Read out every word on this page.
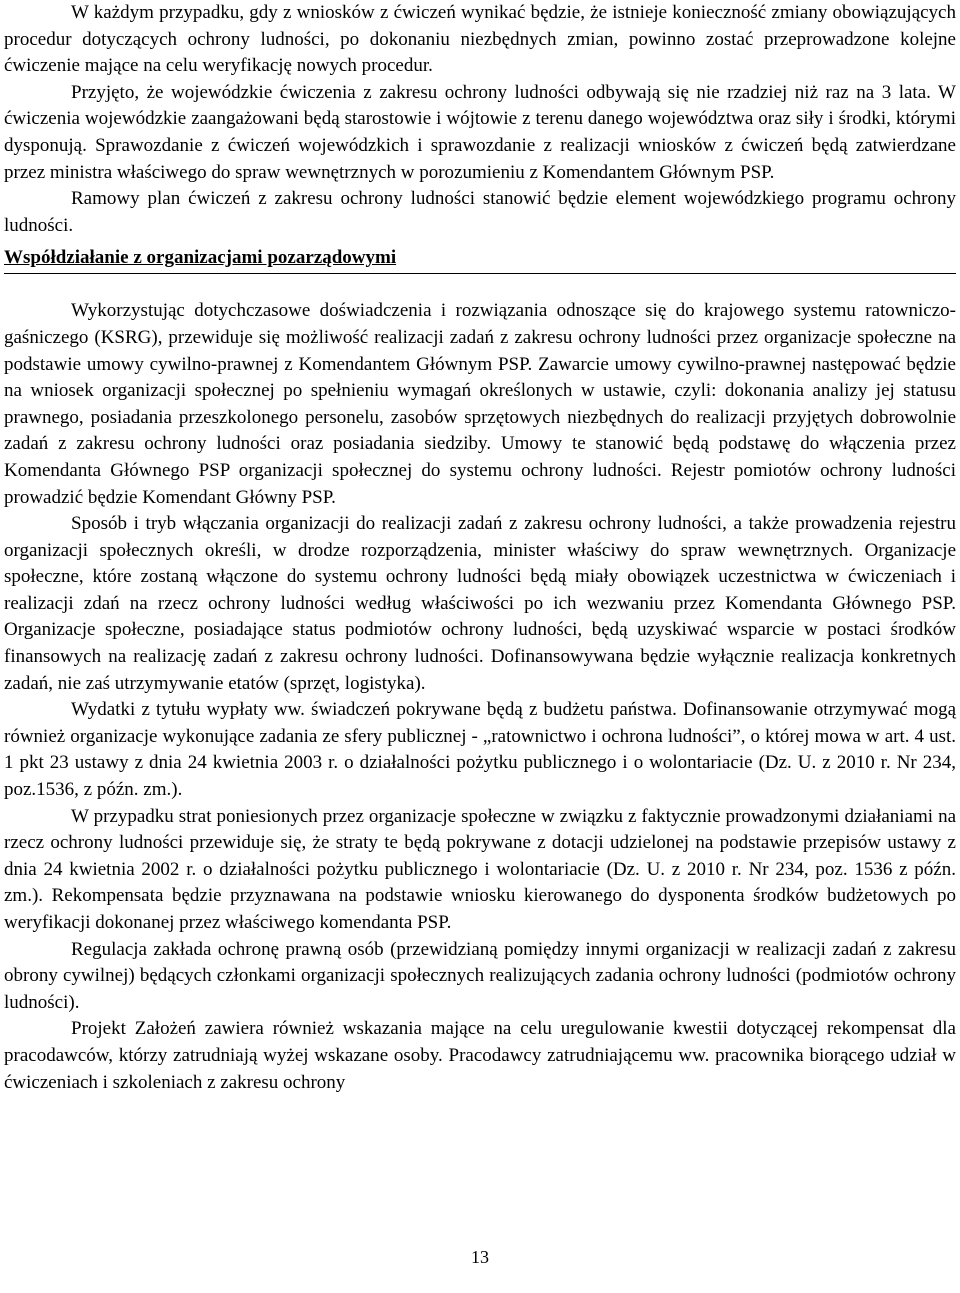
W każdym przypadku, gdy z wniosków z ćwiczeń wynikać będzie, że istnieje konieczność zmiany obowiązujących procedur dotyczących ochrony ludności, po dokonaniu niezbędnych zmian, powinno zostać przeprowadzone kolejne ćwiczenie mające na celu weryfikację nowych procedur.

Przyjęto, że wojewódzkie ćwiczenia z zakresu ochrony ludności odbywają się nie rzadziej niż raz na 3 lata. W ćwiczenia wojewódzkie zaangażowani będą starostowie i wójtowie z terenu danego województwa oraz siły i środki, którymi dysponują. Sprawozdanie z ćwiczeń wojewódzkich i sprawozdanie z realizacji wniosków z ćwiczeń będą zatwierdzane przez ministra właściwego do spraw wewnętrznych w porozumieniu z Komendantem Głównym PSP.

Ramowy plan ćwiczeń z zakresu ochrony ludności stanowić będzie element wojewódzkiego programu ochrony ludności.

Współdziałanie z organizacjami pozarządowymi

Wykorzystując dotychczasowe doświadczenia i rozwiązania odnoszące się do krajowego systemu ratowniczo-gaśniczego (KSRG), przewiduje się możliwość realizacji zadań z zakresu ochrony ludności przez organizacje społeczne na podstawie umowy cywilno-prawnej z Komendantem Głównym PSP. Zawarcie umowy cywilno-prawnej następować będzie na wniosek organizacji społecznej po spełnieniu wymagań określonych w ustawie, czyli: dokonania analizy jej statusu prawnego, posiadania przeszkolonego personelu, zasobów sprzętowych niezbędnych do realizacji przyjętych dobrowolnie zadań z zakresu ochrony ludności oraz posiadania siedziby. Umowy te stanowić będą podstawę do włączenia przez Komendanta Głównego PSP organizacji społecznej do systemu ochrony ludności. Rejestr pomiotów ochrony ludności prowadzić będzie Komendant Główny PSP.

Sposób i tryb włączania organizacji do realizacji zadań z zakresu ochrony ludności, a także prowadzenia rejestru organizacji społecznych określi, w drodze rozporządzenia, minister właściwy do spraw wewnętrznych. Organizacje społeczne, które zostaną włączone do systemu ochrony ludności będą miały obowiązek uczestnictwa w ćwiczeniach i realizacji zdań na rzecz ochrony ludności według właściwości po ich wezwaniu przez Komendanta Głównego PSP. Organizacje społeczne, posiadające status podmiotów ochrony ludności, będą uzyskiwać wsparcie w postaci środków finansowych na realizację zadań z zakresu ochrony ludności. Dofinansowywana będzie wyłącznie realizacja konkretnych zadań, nie zaś utrzymywanie etatów (sprzęt, logistyka).

Wydatki z tytułu wypłaty ww. świadczeń pokrywane będą z budżetu państwa. Dofinansowanie otrzymywać mogą również organizacje wykonujące zadania ze sfery publicznej - „ratownictwo i ochrona ludności”, o której mowa w art. 4 ust. 1 pkt 23 ustawy z dnia 24 kwietnia 2003 r. o działalności pożytku publicznego i o wolontariacie (Dz. U. z 2010 r. Nr 234, poz.1536, z późn. zm.).

W przypadku strat poniesionych przez organizacje społeczne w związku z faktycznie prowadzonymi działaniami na rzecz ochrony ludności przewiduje się, że straty te będą pokrywane z dotacji udzielonej na podstawie przepisów ustawy z dnia 24 kwietnia 2002 r. o działalności pożytku publicznego i wolontariacie (Dz. U. z 2010 r. Nr 234, poz. 1536 z późn. zm.). Rekompensata będzie przyznawana na podstawie wniosku kierowanego do dysponenta środków budżetowych po weryfikacji dokonanej przez właściwego komendanta PSP.

Regulacja zakłada ochronę prawną osób (przewidzianą pomiędzy innymi organizacji w realizacji zadań z zakresu obrony cywilnej) będących członkami organizacji społecznych realizujących zadania ochrony ludności (podmiotów ochrony ludności).

Projekt Założeń zawiera również wskazania mające na celu uregulowanie kwestii dotyczącej rekompensat dla pracodawców, którzy zatrudniają wyżej wskazane osoby. Pracodawcy zatrudniającemu ww. pracownika biorącego udział w ćwiczeniach i szkoleniach z zakresu ochrony

13
